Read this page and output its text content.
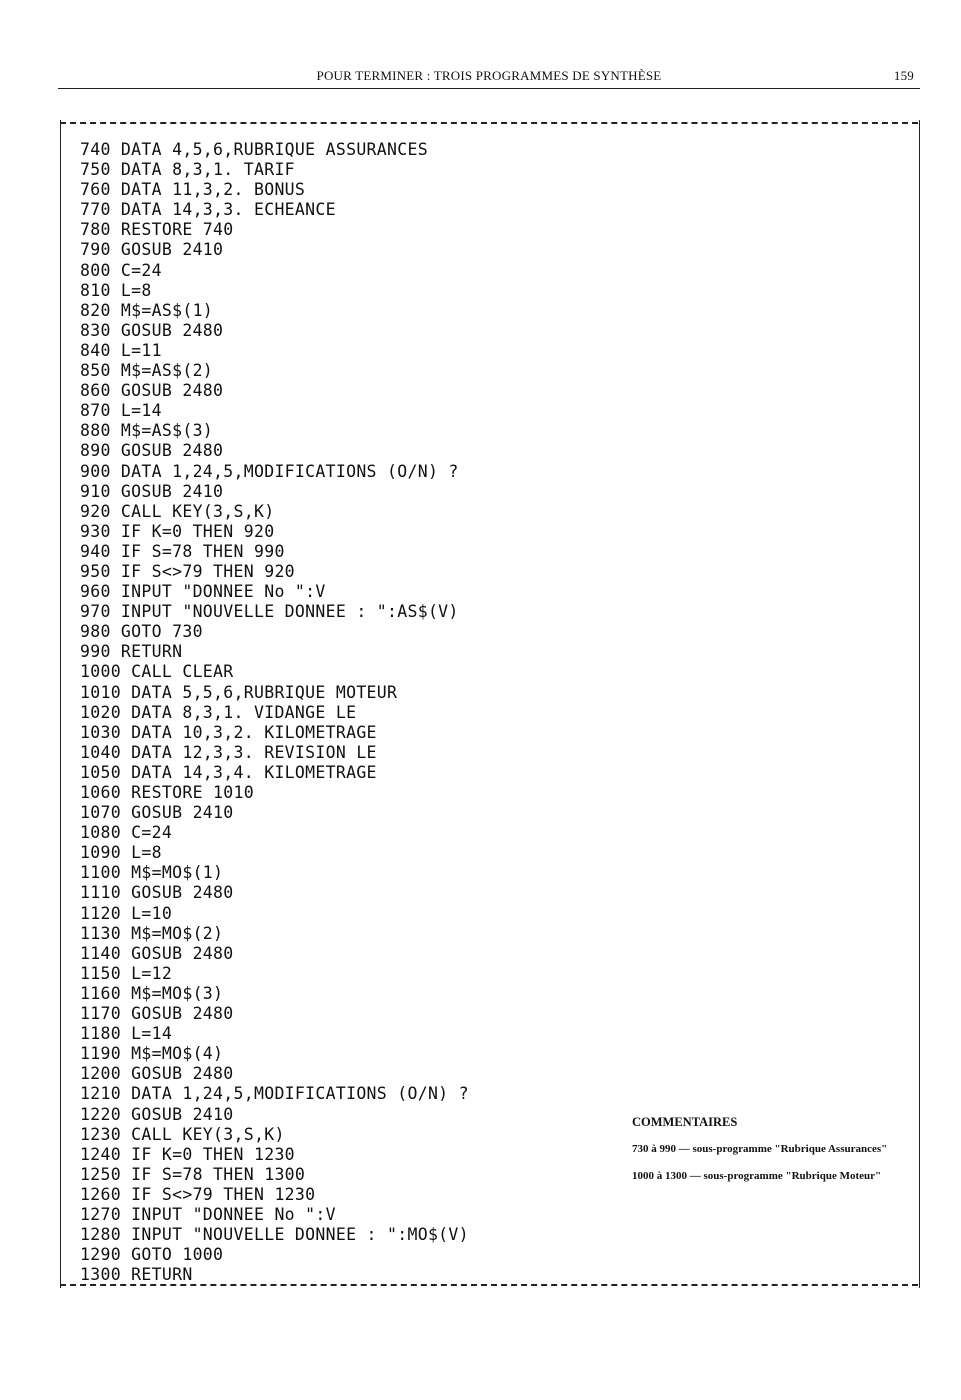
POUR TERMINER : TROIS PROGRAMMES DE SYNTHÈSE	159
740 DATA 4,5,6,RUBRIQUE ASSURANCES
750 DATA 8,3,1. TARIF
760 DATA 11,3,2. BONUS
770 DATA 14,3,3. ECHEANCE
780 RESTORE 740
790 GOSUB 2410
800 C=24
810 L=8
820 M$=AS$(1)
830 GOSUB 2480
840 L=11
850 M$=AS$(2)
860 GOSUB 2480
870 L=14
880 M$=AS$(3)
890 GOSUB 2480
900 DATA 1,24,5,MODIFICATIONS (O/N) ?
910 GOSUB 2410
920 CALL KEY(3,S,K)
930 IF K=0 THEN 920
940 IF S=78 THEN 990
950 IF S<>79 THEN 920
960 INPUT "DONNEE No ":V
970 INPUT "NOUVELLE DONNEE : ":AS$(V)
980 GOTO 730
990 RETURN
1000 CALL CLEAR
1010 DATA 5,5,6,RUBRIQUE MOTEUR
1020 DATA 8,3,1. VIDANGE LE
1030 DATA 10,3,2. KILOMETRAGE
1040 DATA 12,3,3. REVISION LE
1050 DATA 14,3,4. KILOMETRAGE
1060 RESTORE 1010
1070 GOSUB 2410
1080 C=24
1090 L=8
1100 M$=MO$(1)
1110 GOSUB 2480
1120 L=10
1130 M$=MO$(2)
1140 GOSUB 2480
1150 L=12
1160 M$=MO$(3)
1170 GOSUB 2480
1180 L=14
1190 M$=MO$(4)
1200 GOSUB 2480
1210 DATA 1,24,5,MODIFICATIONS (O/N) ?
1220 GOSUB 2410
1230 CALL KEY(3,S,K)
1240 IF K=0 THEN 1230
1250 IF S=78 THEN 1300
1260 IF S<>79 THEN 1230
1270 INPUT "DONNEE No ":V
1280 INPUT "NOUVELLE DONNEE : ":MO$(V)
1290 GOTO 1000
1300 RETURN
COMMENTAIRES
730 à 990 — sous-programme "Rubrique Assurances"
1000 à 1300 — sous-programme "Rubrique Moteur"
